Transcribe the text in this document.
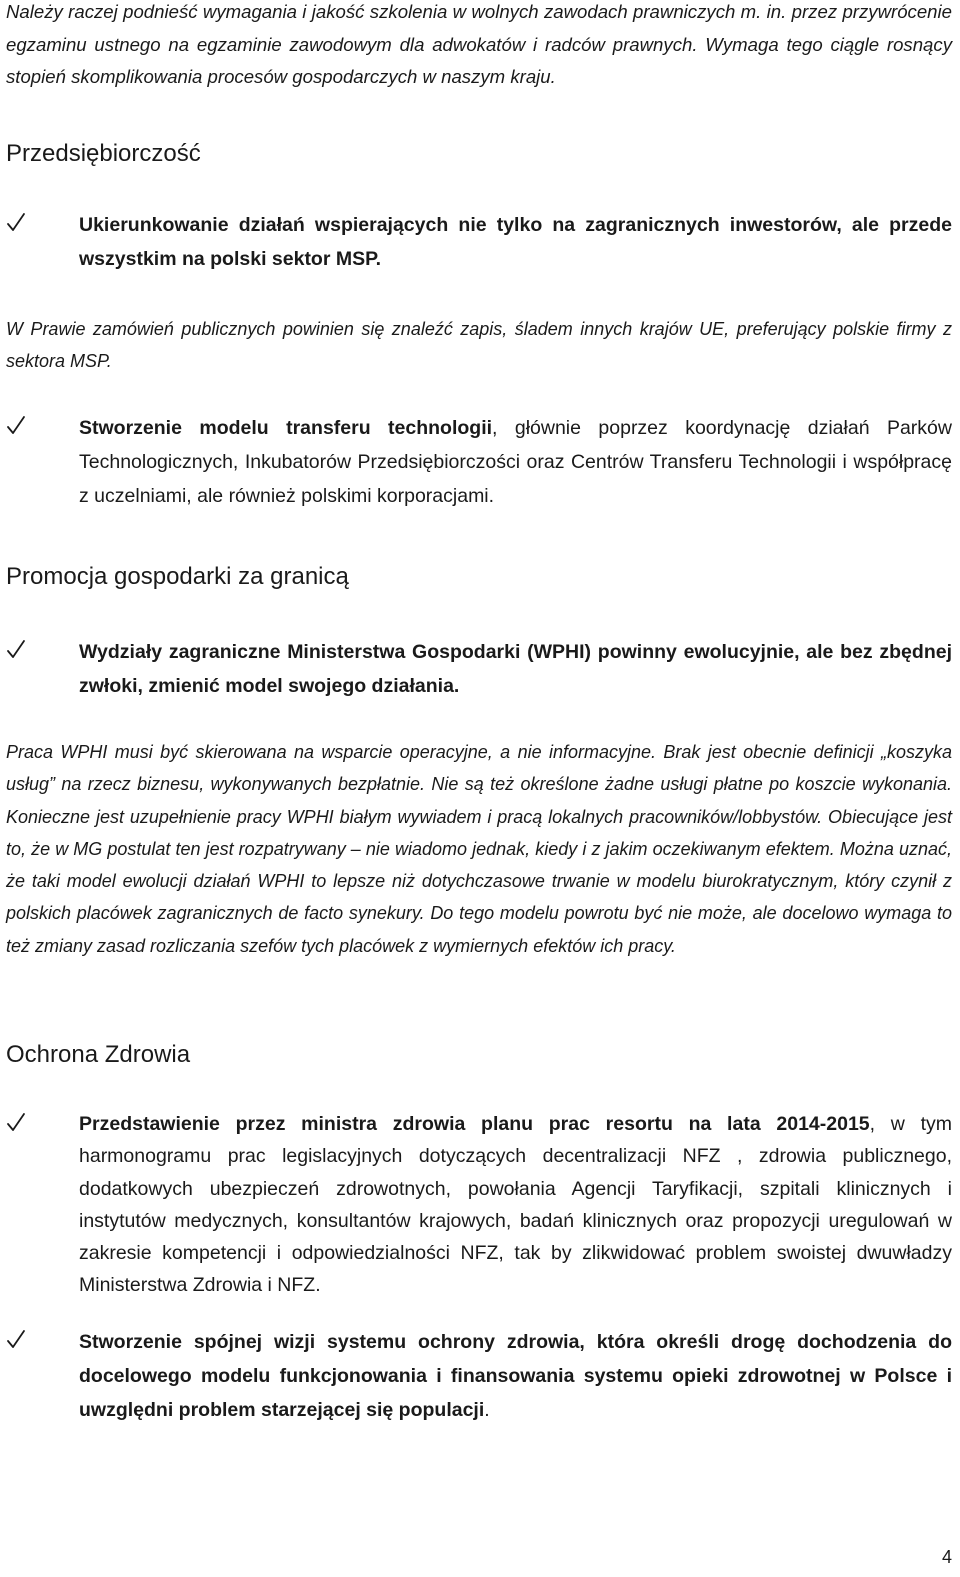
Należy raczej podnieść wymagania i jakość szkolenia w wolnych zawodach prawniczych m. in. przez przywrócenie egzaminu ustnego na egzaminie zawodowym dla adwokatów i radców prawnych. Wymaga tego ciągle rosnący stopień skomplikowania procesów gospodarczych w naszym kraju.

Przedsiębiorczość
Ukierunkowanie działań wspierających nie tylko na zagranicznych inwestorów, ale przede wszystkim na polski sektor MSP.

W Prawie zamówień publicznych powinien się znaleźć zapis, śladem innych krajów UE, preferujący polskie firmy z sektora MSP.

Stworzenie modelu transferu technologii, głównie poprzez koordynację działań Parków Technologicznych, Inkubatorów Przedsiębiorczości oraz Centrów Transferu Technologii i współpracę z uczelniami, ale również polskimi korporacjami.
Promocja gospodarki za granicą
Wydziały zagraniczne Ministerstwa Gospodarki (WPHI) powinny ewolucyjnie, ale bez zbędnej zwłoki, zmienić model swojego działania.

Praca WPHI musi być skierowana na wsparcie operacyjne, a nie informacyjne. Brak jest obecnie definicji „koszyka usług” na rzecz biznesu, wykonywanych bezpłatnie. Nie są też określone żadne usługi płatne po koszcie wykonania. Konieczne jest uzupełnienie pracy WPHI białym wywiadem i pracą lokalnych pracowników/lobbystów. Obiecujące jest to, że w MG postulat ten jest rozpatrywany – nie wiadomo jednak, kiedy i z jakim oczekiwanym efektem. Można uznać, że taki model ewolucji działań WPHI to lepsze niż dotychczasowe trwanie w modelu biurokratycznym, który czynił z polskich placówek zagranicznych de facto synekury. Do tego modelu powrotu być nie może, ale docelowo wymaga to też zmiany zasad rozliczania szefów tych placówek z wymiernych efektów ich pracy.

Ochrona Zdrowia
Przedstawienie przez ministra zdrowia planu prac resortu na lata 2014-2015, w tym harmonogramu prac legislacyjnych dotyczących decentralizacji NFZ , zdrowia publicznego, dodatkowych ubezpieczeń zdrowotnych, powołania Agencji Taryfikacji, szpitali klinicznych i instytutów medycznych, konsultantów krajowych, badań klinicznych oraz propozycji uregulowań w zakresie kompetencji i odpowiedzialności NFZ, tak by zlikwidować problem swoistej dwuwładzy Ministerstwa Zdrowia i NFZ.
Stworzenie spójnej wizji systemu ochrony zdrowia, która określi drogę dochodzenia do docelowego modelu funkcjonowania i finansowania systemu opieki zdrowotnej w Polsce i uwzględni problem starzejącej się populacji.
4
